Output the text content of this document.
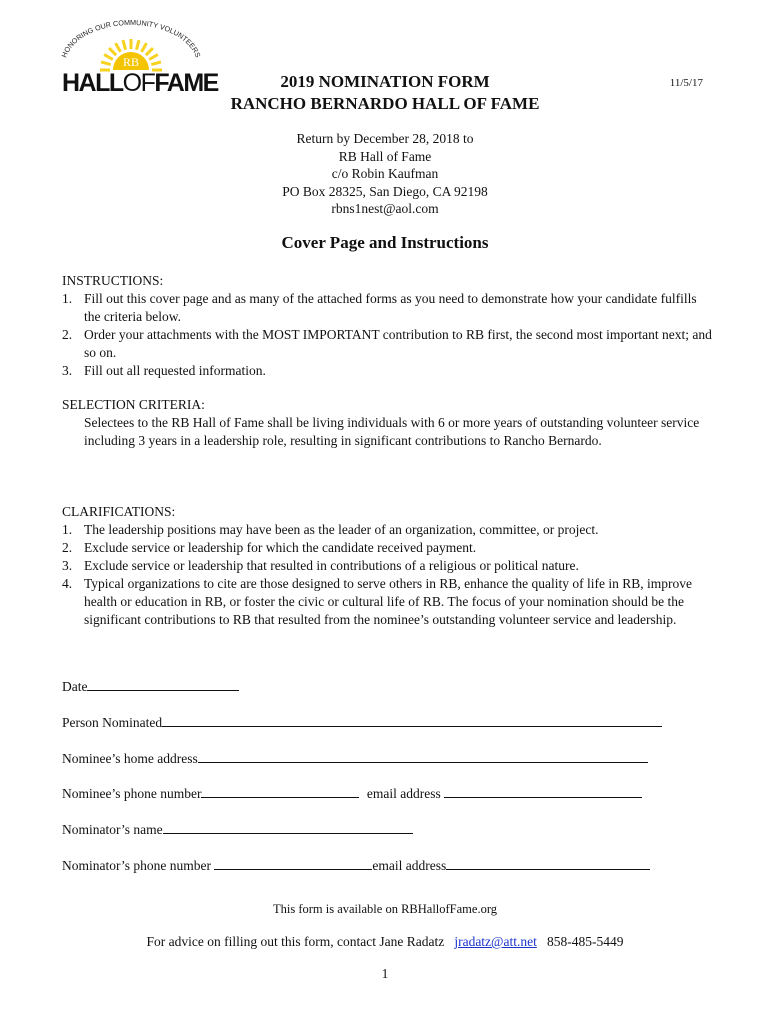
RB
HONORING OUR COMMUNITY VOLUNTEERS
HALLOFFAME	2019 NOMINATION FORM
RANCHO BERNARDO HALL OF FAME
11/5/17
Return by December 28, 2018 to
RB Hall of Fame
c/o Robin Kaufman
PO Box 28325, San Diego, CA 92198
rbns1nest@aol.com
Cover Page and Instructions
INSTRUCTIONS:
1. Fill out this cover page and as many of the attached forms as you need to demonstrate how your candidate fulfills the criteria below.
2. Order your attachments with the MOST IMPORTANT contribution to RB first, the second most important next; and so on.
3. Fill out all requested information.
SELECTION CRITERIA:
Selectees to the RB Hall of Fame shall be living individuals with 6 or more years of outstanding volunteer service including 3 years in a leadership role, resulting in significant contributions to Rancho Bernardo.
CLARIFICATIONS:
1. The leadership positions may have been as the leader of an organization, committee, or project.
2. Exclude service or leadership for which the candidate received payment.
3. Exclude service or leadership that resulted in contributions of a religious or political nature.
4. Typical organizations to cite are those designed to serve others in RB, enhance the quality of life in RB, improve health or education in RB, or foster the civic or cultural life of RB. The focus of your nomination should be the significant contributions to RB that resulted from the nominee’s outstanding volunteer service and leadership.
Date
Person Nominated
Nominee’s home address
Nominee’s phone number	email address
Nominator’s name
Nominator’s phone number	email address
This form is available on RBHallofFame.org
For advice on filling out this form, contact Jane Radatz jradatz@att.net 858-485-5449
1
